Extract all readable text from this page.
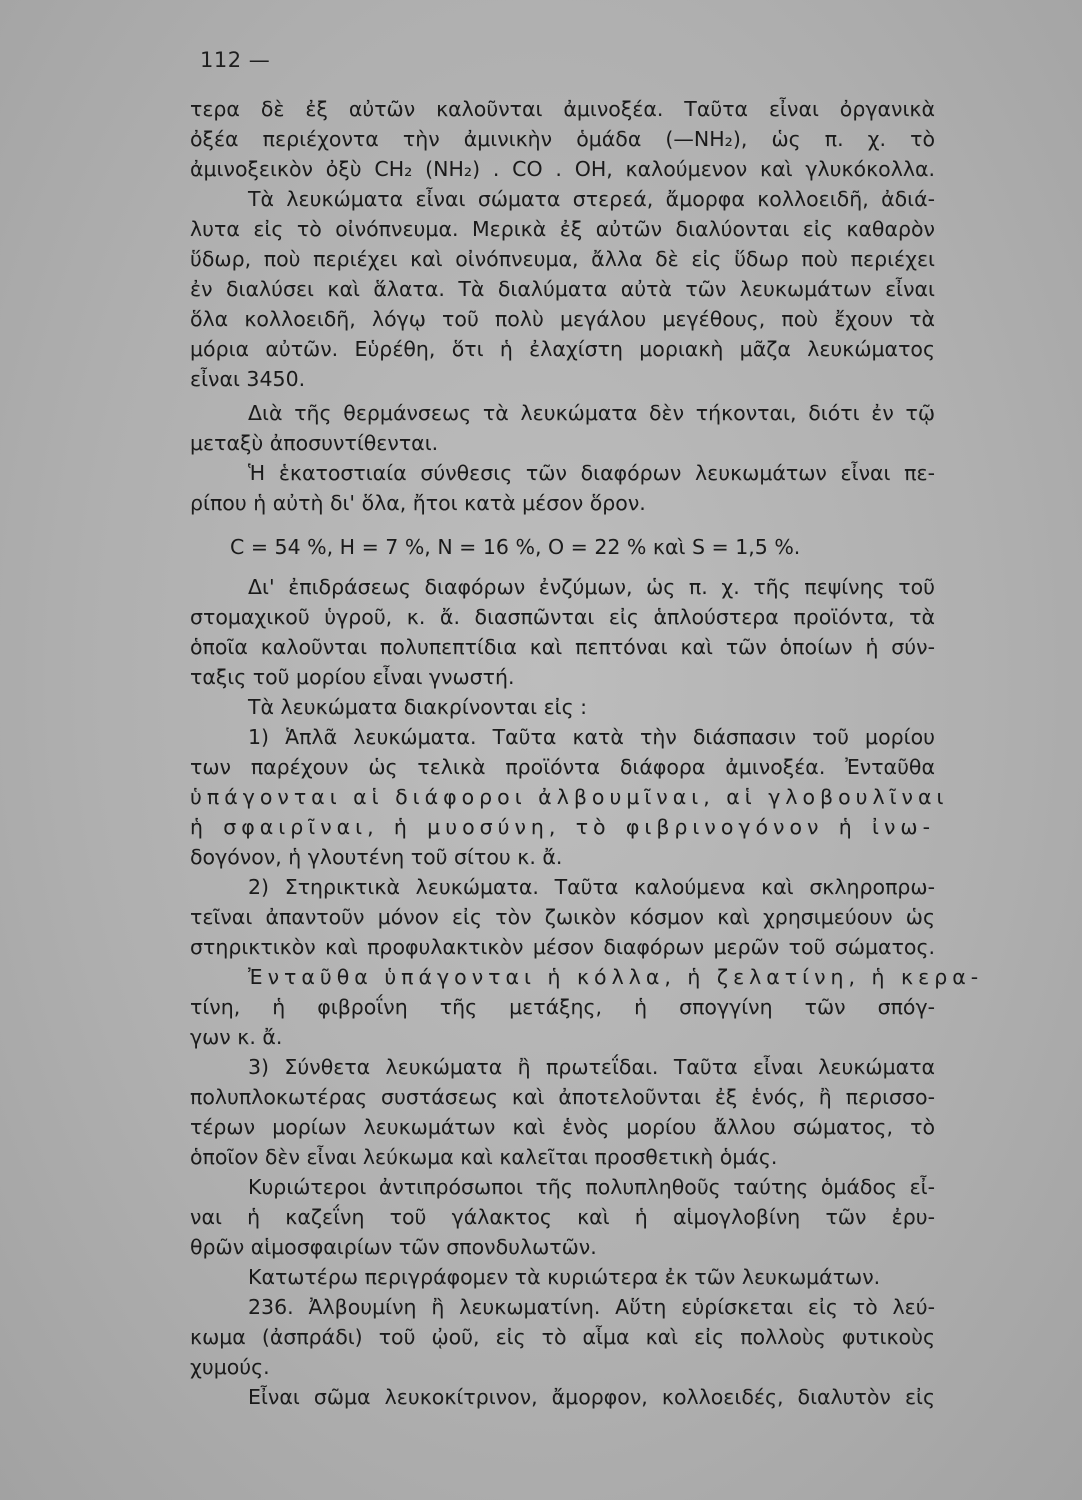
112 —
τερα δὲ ἐξ αὐτῶν καλοῦνται ἀμινοξέα. Ταῦτα εἶναι ὀργανικὰ
ὀξέα περιέχοντα τὴν ἀμινικὴν ὁμάδα (—NH₂), ὡς π. χ. τὸ
ἀμινοξεικὸν ὀξὺ CH₂ (NH₂) . CO . OH, καλούμενον καὶ γλυκόκολλα.
Τὰ λευκώματα εἶναι σώματα στερεά, ἄμορφα κολλοειδῆ, ἀδιά-
λυτα εἰς τὸ οἰνόπνευμα. Μερικὰ ἐξ αὐτῶν διαλύονται εἰς καθαρὸν
ὕδωρ, ποὺ περιέχει καὶ οἰνόπνευμα, ἄλλα δὲ εἰς ὕδωρ ποὺ περιέχει
ἐν διαλύσει καὶ ἅλατα. Τὰ διαλύματα αὐτὰ τῶν λευκωμάτων εἶναι
ὅλα κολλοειδῆ, λόγῳ τοῦ πολὺ μεγάλου μεγέθους, ποὺ ἔχουν τὰ
μόρια αὐτῶν. Εὑρέθη, ὅτι ἡ ἐλαχίστη μοριακὴ μᾶζα λευκώματος
εἶναι 3450.
Διὰ τῆς θερμάνσεως τὰ λευκώματα δὲν τήκονται, διότι ἐν τῷ
μεταξὺ ἀποσυντίθενται.
Ἡ ἑκατοστιαία σύνθεσις τῶν διαφόρων λευκωμάτων εἶναι πε-
ρίπου ἡ αὐτὴ δι' ὅλα, ἤτοι κατὰ μέσον ὅρον.
C = 54 %, H = 7 %, N = 16 %, O = 22 % καὶ S = 1,5 %.
Δι' ἐπιδράσεως διαφόρων ἐνζύμων, ὡς π. χ. τῆς πεψίνης τοῦ
στομαχικοῦ ὑγροῦ, κ. ἄ. διασπῶνται εἰς ἁπλούστερα προϊόντα, τὰ
ὁποῖα καλοῦνται πολυπεπτίδια καὶ πεπτόναι καὶ τῶν ὁποίων ἡ σύν-
ταξις τοῦ μορίου εἶναι γνωστή.
Τὰ λευκώματα διακρίνονται εἰς :
1) Ἁπλᾶ λευκώματα. Ταῦτα κατὰ τὴν διάσπασιν τοῦ μορίου
των παρέχουν ὡς τελικὰ προϊόντα διάφορα ἀμινοξέα. Ἐνταῦθα
ὑπάγονται αἱ διάφοροι ἀλβουμῖναι, αἱ γλοβουλῖναι
ἡ σφαιρῖναι, ἡ μυοσύνη, τὸ φιβρινογόνον ἡ ἰνω-
δογόνον, ἡ γλουτένη τοῦ σίτου κ. ἄ.
2) Στηρικτικὰ λευκώματα. Ταῦτα καλούμενα καὶ σκληροπρω-
τεῖναι ἀπαντοῦν μόνον εἰς τὸν ζωικὸν κόσμον καὶ χρησιμεύουν ὡς
στηρικτικὸν καὶ προφυλακτικὸν μέσον διαφόρων μερῶν τοῦ σώματος.
Ἐνταῦθα ὑπάγονται ἡ κόλλα, ἡ ζελατίνη, ἡ κερα-
τίνη, ἡ φιβροΐνη τῆς μετάξης, ἡ σπογγίνη τῶν σπόγ-
γων κ. ἄ.
3) Σύνθετα λευκώματα ἢ πρωτεΐδαι. Ταῦτα εἶναι λευκώματα
πολυπλοκωτέρας συστάσεως καὶ ἀποτελοῦνται ἐξ ἑνός, ἢ περισσο-
τέρων μορίων λευκωμάτων καὶ ἑνὸς μορίου ἄλλου σώματος, τὸ
ὁποῖον δὲν εἶναι λεύκωμα καὶ καλεῖται προσθετικὴ ὁμάς.
Κυριώτεροι ἀντιπρόσωποι τῆς πολυπληθοῦς ταύτης ὁμάδος εἶ-
ναι ἡ καζεΐνη τοῦ γάλακτος καὶ ἡ αἱμογλοβίνη τῶν ἐρυ-
θρῶν αἱμοσφαιρίων τῶν σπονδυλωτῶν.
Κατωτέρω περιγράφομεν τὰ κυριώτερα ἐκ τῶν λευκωμάτων.
236. Ἀλβουμίνη ἢ λευκωματίνη. Αὕτη εὑρίσκεται εἰς τὸ λεύ-
κωμα (ἀσπράδι) τοῦ ᾠοῦ, εἰς τὸ αἷμα καὶ εἰς πολλοὺς φυτικοὺς
χυμούς.
Εἶναι σῶμα λευκοκίτρινον, ἄμορφον, κολλοειδές, διαλυτὸν εἰς
